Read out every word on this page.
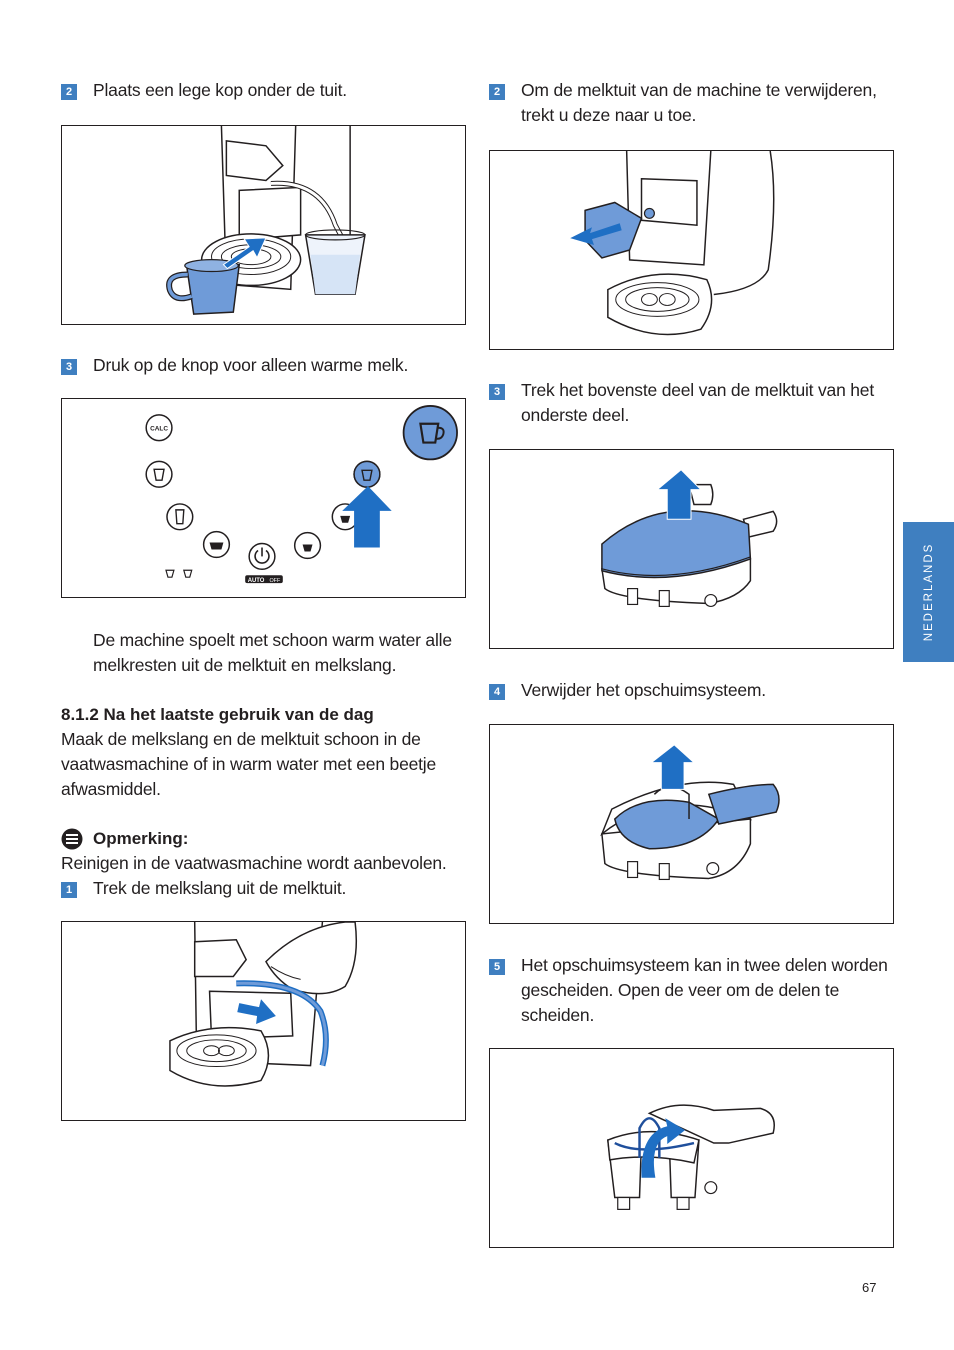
2 Plaats een lege kop onder de tuit.
3 Druk op de knop voor alleen warme melk.
CALC
AUTO OFF
De machine spoelt met schoon warm water alle melkresten uit de melktuit en melkslang.
8.1.2 Na het laatste gebruik van de dag
Maak de melkslang en de melktuit schoon in de vaatwasmachine of in warm water met een beetje afwasmiddel.
Opmerking:
Reinigen in de vaatwasmachine wordt aanbevolen.
1 Trek de melkslang uit de melktuit.
2 Om de melktuit van de machine te verwijderen, trekt u deze naar u toe.
3 Trek het bovenste deel van de melktuit van het onderste deel.
4 Verwijder het opschuimsysteem.
5 Het opschuimsysteem kan in twee delen worden gescheiden. Open de veer om de delen te scheiden.
NEDERLANDS
67
